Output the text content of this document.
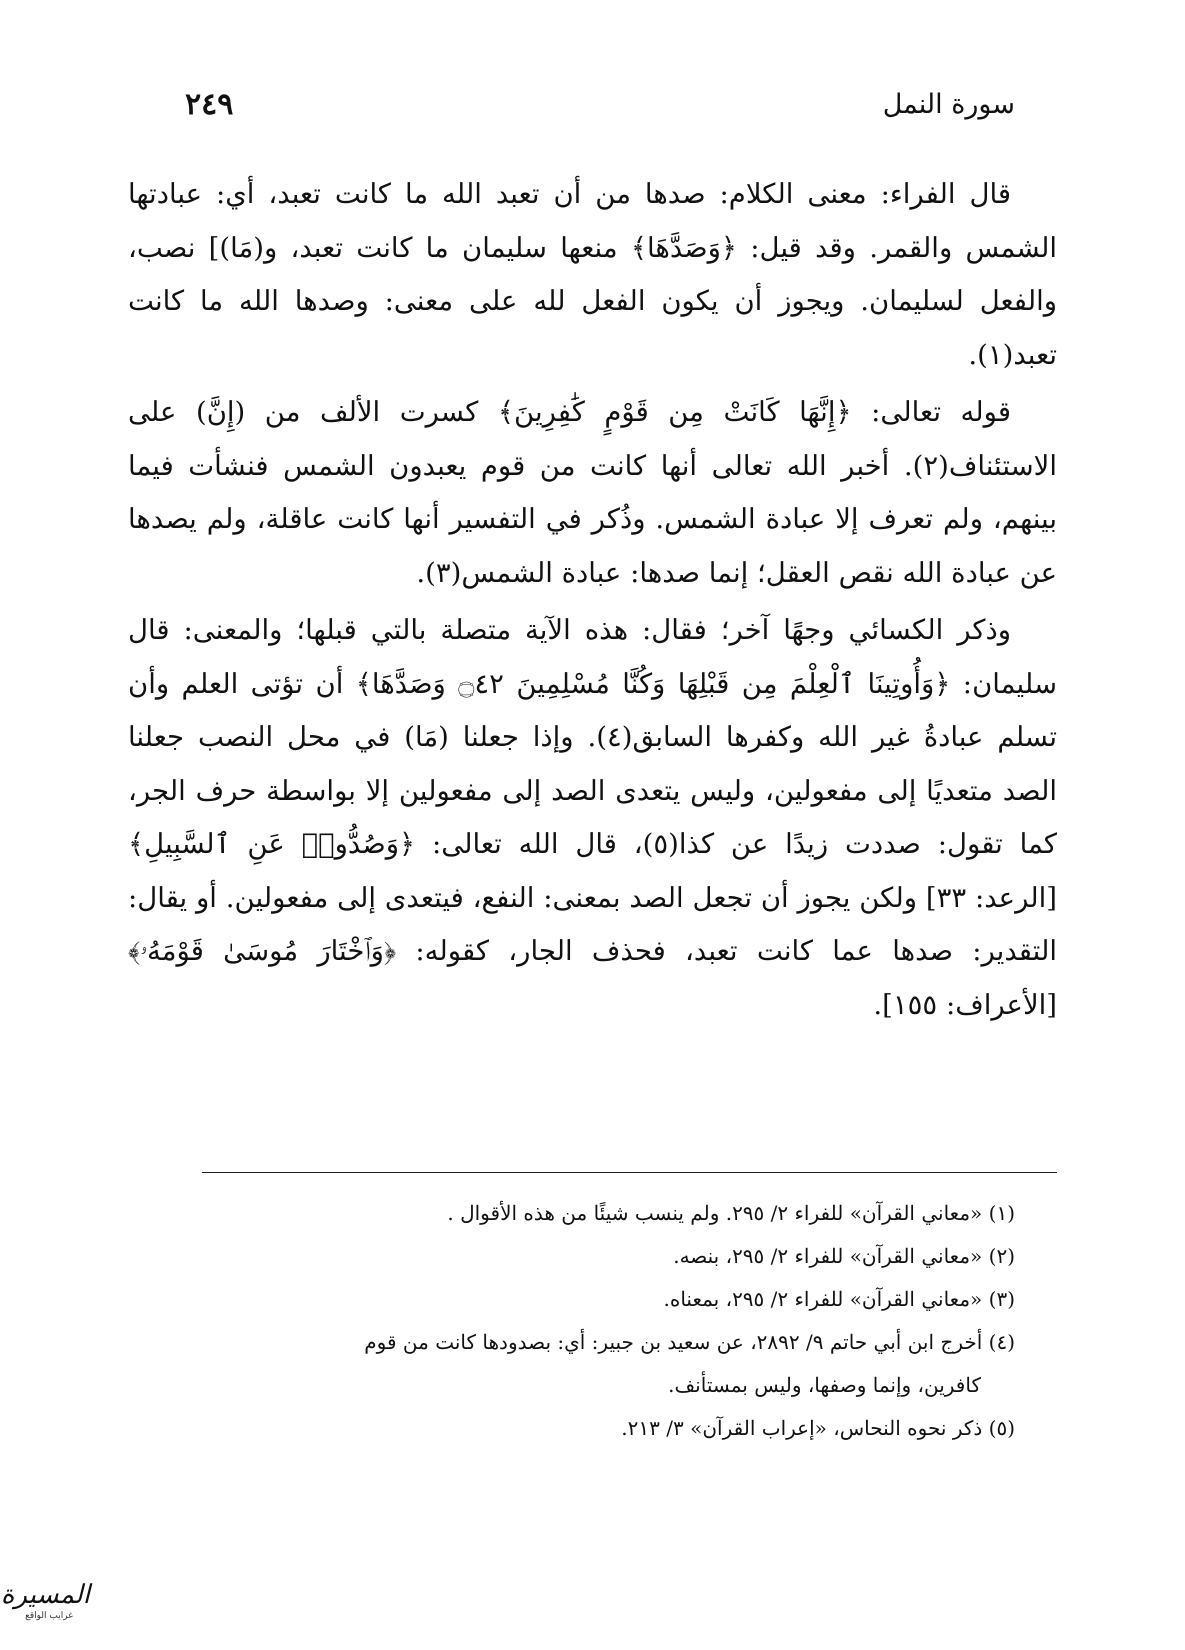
سورة النمل
٢٤٩

قال الفراء: معنى الكلام: صدها من أن تعبد الله ما كانت تعبد، أي: عبادتها الشمس والقمر. وقد قيل: ﴿وَصَدَّهَا﴾ منعها سليمان ما كانت تعبد، و(مَا)] نصب، والفعل لسليمان. ويجوز أن يكون الفعل لله على معنى: وصدها الله ما كانت تعبد(١).

قوله تعالى: ﴿إِنَّهَا كَانَتْ مِن قَوْمٍ كَٰفِرِينَ﴾ كسرت الألف من (إِنَّ) على الاستئناف(٢). أخبر الله تعالى أنها كانت من قوم يعبدون الشمس فنشأت فيما بينهم، ولم تعرف إلا عبادة الشمس. وذُكر في التفسير أنها كانت عاقلة، ولم يصدها عن عبادة الله نقص العقل؛ إنما صدها: عبادة الشمس(٣).

وذكر الكسائي وجهًا آخر؛ فقال: هذه الآية متصلة بالتي قبلها؛ والمعنى: قال سليمان: ﴿وَأُوتِينَا ٱلْعِلْمَ مِن قَبْلِهَا وَكُنَّا مُسْلِمِينَ ۝٤٢ وَصَدَّهَا﴾ أن تؤتى العلم وأن تسلم عبادةُ غير الله وكفرها السابق(٤). وإذا جعلنا (مَا) في محل النصب جعلنا الصد متعديًا إلى مفعولين، وليس يتعدى الصد إلى مفعولين إلا بواسطة حرف الجر، كما تقول: صددت زيدًا عن كذا(٥)، قال الله تعالى: ﴿وَصُدُّوا۟ عَنِ ٱلسَّبِيلِ﴾ [الرعد: ٣٣] ولكن يجوز أن تجعل الصد بمعنى: النفع، فيتعدى إلى مفعولين. أو يقال: التقدير: صدها عما كانت تعبد، فحذف الجار، كقوله: ﴿وَٱخْتَارَ مُوسَىٰ قَوْمَهُۥ﴾ [الأعراف: ١٥٥].

(١) «معاني القرآن» للفراء ٢/ ٢٩٥. ولم ينسب شيئًا من هذه الأقوال .

(٢) «معاني القرآن» للفراء ٢/ ٢٩٥، بنصه.

(٣) «معاني القرآن» للفراء ٢/ ٢٩٥، بمعناه.

(٤) أخرج ابن أبي حاتم ٩/ ٢٨٩٢، عن سعيد بن جبير: أي: بصدودها كانت من قوم
كافرين، وإنما وصفها، وليس بمستأنف.

(٥) ذكر نحوه النحاس، «إعراب القرآن» ٣/ ٢١٣.

المسيرة
غرايب الواقع
